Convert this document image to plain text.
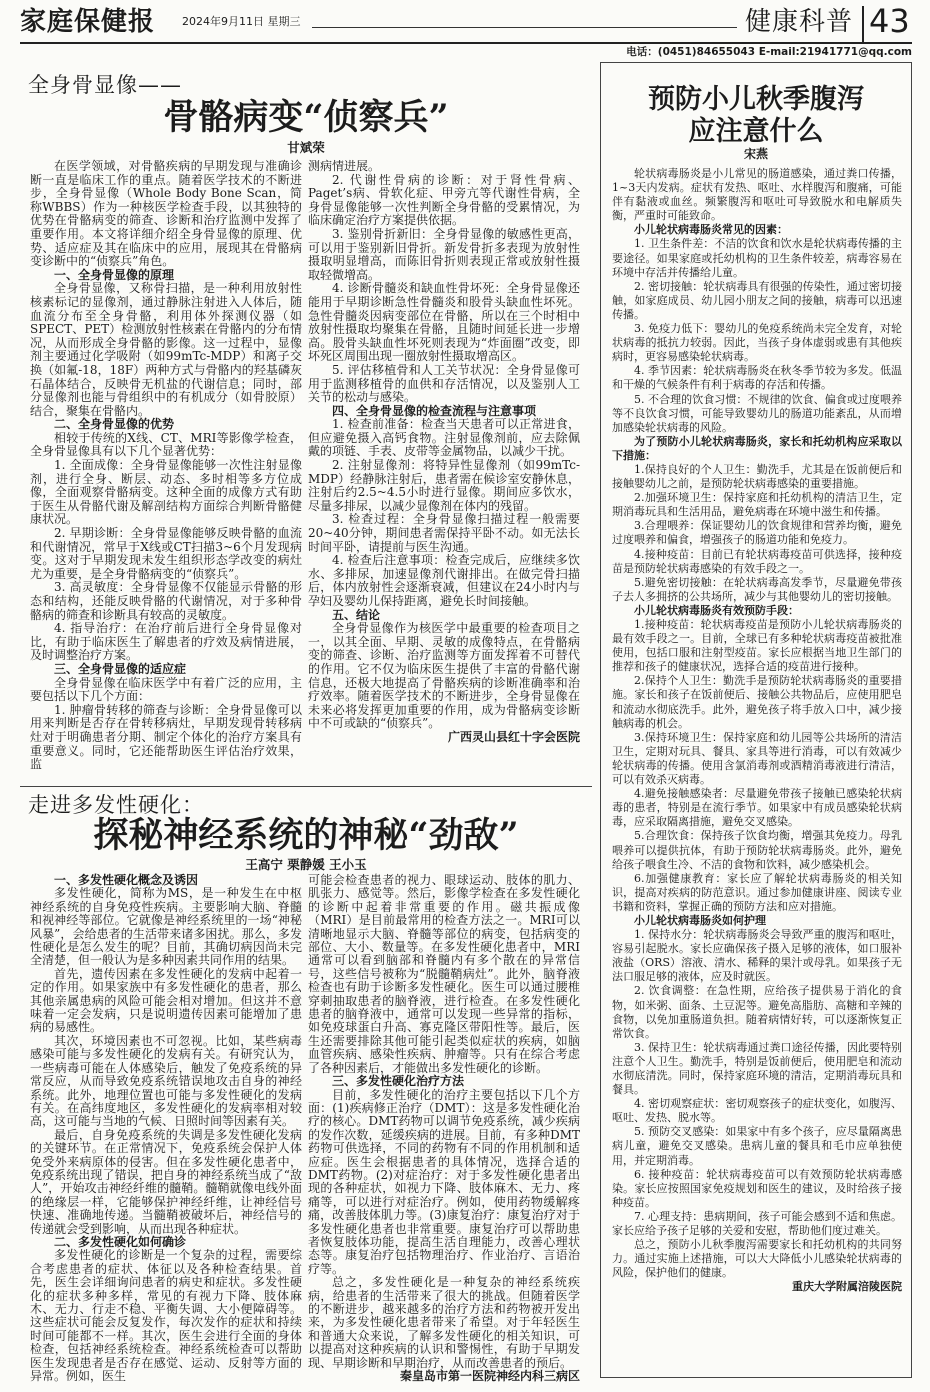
家庭保健报 2024年9月11日 星期三	健康科普 43
电话：(0451)84655043 E-mail:21941771@qq.com
全身骨显像——
骨骼病变“侦察兵”
甘斌荣

在医学领域，对骨骼疾病的早期发现与准确诊断一直是临床工作的重点。随着医学技术的不断进步，全身骨显像（Whole Body Bone Scan，简称WBBS）作为一种核医学检查手段，以其独特的优势在骨骼病变的筛查、诊断和治疗监测中发挥了重要作用。本文将详细介绍全身骨显像的原理、优势、适应症及其在临床中的应用，展现其在骨骼病变诊断中的“侦察兵”角色。

一、全身骨显像的原理

全身骨显像，又称骨扫描，是一种利用放射性核素标记的显像剂，通过静脉注射进入人体后，随血流分布至全身骨骼，利用体外探测仪器（如SPECT、PET）检测放射性核素在骨骼内的分布情况，从而形成全身骨骼的影像。这一过程中，显像剂主要通过化学吸附（如99mTc-MDP）和离子交换（如氟-18，18F）两种方式与骨骼内的羟基磷灰石晶体结合，反映骨无机盐的代谢信息；同时，部分显像剂也能与骨组织中的有机成分（如骨胶原）结合，聚集在骨骼内。

二、全身骨显像的优势

相较于传统的X线、CT、MRI等影像学检查，全身骨显像具有以下几个显著优势：

1. 全面成像：全身骨显像能够一次性注射显像剂，进行全身、断层、动态、多时相等多方位成像，全面观察骨骼病变。这种全面的成像方式有助于医生从骨骼代谢及解剖结构方面综合判断骨骼健康状况。

2. 早期诊断：全身骨显像能够反映骨骼的血流和代谢情况，常早于X线或CT扫描3~6个月发现病变。这对于早期发现未发生组织形态学改变的病灶尤为重要，是全身骨骼病变的“侦察兵”。

3. 高灵敏度：全身骨显像不仅能显示骨骼的形态和结构，还能反映骨骼的代谢情况，对于多种骨骼病的筛查和诊断具有较高的灵敏度。

4. 指导治疗：在治疗前后进行全身骨显像对比，有助于临床医生了解患者的疗效及病情进展，及时调整治疗方案。

三、全身骨显像的适应症

全身骨显像在临床医学中有着广泛的应用，主要包括以下几个方面：

1. 肿瘤骨转移的筛查与诊断：全身骨显像可以用来判断是否存在骨转移病灶，早期发现骨转移病灶对于明确患者分期、制定个体化的治疗方案具有重要意义。同时，它还能帮助医生评估治疗效果，监

测病情进展。

2. 代谢性骨病的诊断：对于肾性骨病、Paget’s病、骨软化症、甲旁亢等代谢性骨病，全身骨显像能够一次性判断全身骨骼的受累情况，为临床确定治疗方案提供依据。

3. 鉴别骨折新旧：全身骨显像的敏感性更高，可以用于鉴别新旧骨折。新发骨折多表现为放射性摄取明显增高，而陈旧骨折则表现正常或放射性摄取轻微增高。

4. 诊断骨髓炎和缺血性骨坏死：全身骨显像还能用于早期诊断急性骨髓炎和股骨头缺血性坏死。急性骨髓炎因病变部位在骨骼，所以在三个时相中放射性摄取均聚集在骨骼，且随时间延长进一步增高。股骨头缺血性坏死则表现为“炸面圈”改变，即坏死区周围出现一圈放射性摄取增高区。

5. 评估移植骨和人工关节状况：全身骨显像可用于监测移植骨的血供和存活情况，以及鉴别人工关节的松动与感染。

四、全身骨显像的检查流程与注意事项

1. 检查前准备：检查当天患者可以正常进食，但应避免摄入高钙食物。注射显像剂前，应去除佩戴的项链、手表、皮带等金属物品，以减少干扰。

2. 注射显像剂：将特异性显像剂（如99mTc-MDP）经静脉注射后，患者需在候诊室安静休息，注射后约2.5~4.5小时进行显像。期间应多饮水，尽量多排尿，以减少显像剂在体内的残留。

3. 检查过程：全身骨显像扫描过程一般需要20~40分钟，期间患者需保持平卧不动。如无法长时间平卧，请提前与医生沟通。

4. 检查后注意事项：检查完成后，应继续多饮水、多排尿，加速显像剂代谢排出。在做完骨扫描后，体内放射性会逐渐衰减，但建议在24小时内与孕妇及婴幼儿保持距离，避免长时间接触。

五、结论

全身骨显像作为核医学中最重要的检查项目之一，以其全面、早期、灵敏的成像特点，在骨骼病变的筛查、诊断、治疗监测等方面发挥着不可替代的作用。它不仅为临床医生提供了丰富的骨骼代谢信息，还极大地提高了骨骼疾病的诊断准确率和治疗效率。随着医学技术的不断进步，全身骨显像在未来必将发挥更加重要的作用，成为骨骼病变诊断中不可或缺的“侦察兵”。

广西灵山县红十字会医院

走进多发性硬化：
探秘神经系统的神秘“劲敌”
王高宁 栗静媛 王小玉

一、多发性硬化概念及诱因

多发性硬化，简称为MS，是一种发生在中枢神经系统的自身免疫性疾病。主要影响大脑、脊髓和视神经等部位。它就像是神经系统里的一场“神秘风暴”，会给患者的生活带来诸多困扰。那么，多发性硬化是怎么发生的呢？目前，其确切病因尚未完全清楚，但一般认为是多种因素共同作用的结果。

首先，遗传因素在多发性硬化的发病中起着一定的作用。如果家族中有多发性硬化的患者，那么其他亲属患病的风险可能会相对增加。但这并不意味着一定会发病，只是说明遗传因素可能增加了患病的易感性。

其次，环境因素也不可忽视。比如，某些病毒感染可能与多发性硬化的发病有关。有研究认为，一些病毒可能在人体感染后，触发了免疫系统的异常反应，从而导致免疫系统错误地攻击自身的神经系统。此外，地理位置也可能与多发性硬化的发病有关。在高纬度地区，多发性硬化的发病率相对较高，这可能与当地的气候、日照时间等因素有关。

最后，自身免疫系统的失调是多发性硬化发病的关键环节。在正常情况下，免疫系统会保护人体免受外来病原体的侵害。但在多发性硬化患者中，免疫系统出现了错误，把自身的神经系统当成了“敌人”，开始攻击神经纤维的髓鞘。髓鞘就像电线外面的绝缘层一样，它能够保护神经纤维，让神经信号快速、准确地传递。当髓鞘被破坏后，神经信号的传递就会受到影响，从而出现各种症状。

二、多发性硬化如何确诊

多发性硬化的诊断是一个复杂的过程，需要综合考虑患者的症状、体征以及各种检查结果。首先，医生会详细询问患者的病史和症状。多发性硬化的症状多种多样，常见的有视力下降、肢体麻木、无力、行走不稳、平衡失调、大小便障碍等。这些症状可能会反复发作，每次发作的症状和持续时间可能都不一样。其次，医生会进行全面的身体检查，包括神经系统检查。神经系统检查可以帮助医生发现患者是否存在感觉、运动、反射等方面的异常。例如，医生

可能会检查患者的视力、眼球运动、肢体的肌力、肌张力、感觉等。然后，影像学检查在多发性硬化的诊断中起着非常重要的作用。磁共振成像（MRI）是目前最常用的检查方法之一。MRI可以清晰地显示大脑、脊髓等部位的病变，包括病变的部位、大小、数量等。在多发性硬化患者中，MRI通常可以看到脑部和脊髓内有多个散在的异常信号，这些信号被称为“脱髓鞘病灶”。此外，脑脊液检查也有助于诊断多发性硬化。医生可以通过腰椎穿刺抽取患者的脑脊液，进行检查。在多发性硬化患者的脑脊液中，通常可以发现一些异常的指标，如免疫球蛋白升高、寡克隆区带阳性等。最后，医生还需要排除其他可能引起类似症状的疾病，如脑血管疾病、感染性疾病、肿瘤等。只有在综合考虑了各种因素后，才能做出多发性硬化的诊断。

三、多发性硬化治疗方法

目前，多发性硬化的治疗主要包括以下几个方面：(1)疾病修正治疗（DMT）：这是多发性硬化治疗的核心。DMT药物可以调节免疫系统，减少疾病的发作次数，延缓疾病的进展。目前，有多种DMT药物可供选择，不同的药物有不同的作用机制和适应症。医生会根据患者的具体情况，选择合适的DMT药物。(2)对症治疗：对于多发性硬化患者出现的各种症状，如视力下降、肢体麻木、无力、疼痛等，可以进行对症治疗。例如，使用药物缓解疼痛，改善肢体肌力等。(3)康复治疗：康复治疗对于多发性硬化患者也非常重要。康复治疗可以帮助患者恢复肢体功能，提高生活自理能力，改善心理状态等。康复治疗包括物理治疗、作业治疗、言语治疗等。

总之，多发性硬化是一种复杂的神经系统疾病，给患者的生活带来了很大的挑战。但随着医学的不断进步，越来越多的治疗方法和药物被开发出来，为多发性硬化患者带来了希望。对于年轻医生和普通大众来说，了解多发性硬化的相关知识，可以提高对这种疾病的认识和警惕性，有助于早期发现、早期诊断和早期治疗，从而改善患者的预后。

秦皇岛市第一医院神经内科三病区

预防小儿秋季腹泻
应注意什么
宋燕

轮状病毒肠炎是小儿常见的肠道感染，通过粪口传播，1~3天内发病。症状有发热、呕吐、水样腹泻和腹痛，可能伴有黏液或血丝。频繁腹泻和呕吐可导致脱水和电解质失衡，严重时可能致命。

小儿轮状病毒肠炎常见的因素：

1. 卫生条件差：不洁的饮食和饮水是轮状病毒传播的主要途径。如果家庭或托幼机构的卫生条件较差，病毒容易在环境中存活并传播给儿童。

2. 密切接触：轮状病毒具有很强的传染性，通过密切接触，如家庭成员、幼儿园小朋友之间的接触，病毒可以迅速传播。

3. 免疫力低下：婴幼儿的免疫系统尚未完全发育，对轮状病毒的抵抗力较弱。因此，当孩子身体虚弱或患有其他疾病时，更容易感染轮状病毒。

4. 季节因素：轮状病毒肠炎在秋冬季节较为多发。低温和干燥的气候条件有利于病毒的存活和传播。

5. 不合理的饮食习惯：不规律的饮食、偏食或过度喂养等不良饮食习惯，可能导致婴幼儿的肠道功能紊乱，从而增加感染轮状病毒的风险。

为了预防小儿轮状病毒肠炎，家长和托幼机构应采取以下措施：

1.保持良好的个人卫生：勤洗手，尤其是在饭前便后和接触婴幼儿之前，是预防轮状病毒感染的重要措施。

2.加强环境卫生：保持家庭和托幼机构的清洁卫生，定期消毒玩具和生活用品，避免病毒在环境中滋生和传播。

3.合理喂养：保证婴幼儿的饮食规律和营养均衡，避免过度喂养和偏食，增强孩子的肠道功能和免疫力。

4.接种疫苗：目前已有轮状病毒疫苗可供选择，接种疫苗是预防轮状病毒感染的有效手段之一。

5.避免密切接触：在轮状病毒高发季节，尽量避免带孩子去人多拥挤的公共场所，减少与其他婴幼儿的密切接触。

小儿轮状病毒肠炎有效预防手段：

1.接种疫苗：轮状病毒疫苗是预防小儿轮状病毒肠炎的最有效手段之一。目前，全球已有多种轮状病毒疫苗被批准使用，包括口服和注射型疫苗。家长应根据当地卫生部门的推荐和孩子的健康状况，选择合适的疫苗进行接种。

2.保持个人卫生：勤洗手是预防轮状病毒肠炎的重要措施。家长和孩子在饭前便后、接触公共物品后，应使用肥皂和流动水彻底洗手。此外，避免孩子将手放入口中，减少接触病毒的机会。

3.保持环境卫生：保持家庭和幼儿园等公共场所的清洁卫生，定期对玩具、餐具、家具等进行消毒，可以有效减少轮状病毒的传播。使用含氯消毒剂或酒精消毒液进行清洁，可以有效杀灭病毒。

4.避免接触感染者：尽量避免带孩子接触已感染轮状病毒的患者，特别是在流行季节。如果家中有成员感染轮状病毒，应采取隔离措施，避免交叉感染。

5.合理饮食：保持孩子饮食均衡，增强其免疫力。母乳喂养可以提供抗体，有助于预防轮状病毒肠炎。此外，避免给孩子喂食生冷、不洁的食物和饮料，减少感染机会。

6.加强健康教育：家长应了解轮状病毒肠炎的相关知识，提高对疾病的防范意识。通过参加健康讲座、阅读专业书籍和资料，掌握正确的预防方法和应对措施。

小儿轮状病毒肠炎如何护理

1. 保持水分：轮状病毒肠炎会导致严重的腹泻和呕吐，容易引起脱水。家长应确保孩子摄入足够的液体，如口服补液盐（ORS）溶液、清水、稀释的果汁或母乳。如果孩子无法口服足够的液体，应及时就医。

2. 饮食调整：在急性期，应给孩子提供易于消化的食物，如米粥、面条、土豆泥等。避免高脂肪、高糖和辛辣的食物，以免加重肠道负担。随着病情好转，可以逐渐恢复正常饮食。

3. 保持卫生：轮状病毒通过粪口途径传播，因此要特别注意个人卫生。勤洗手，特别是饭前便后，使用肥皂和流动水彻底清洗。同时，保持家庭环境的清洁，定期消毒玩具和餐具。

4. 密切观察症状：密切观察孩子的症状变化，如腹泻、呕吐、发热、脱水等。

5. 预防交叉感染：如果家中有多个孩子，应尽量隔离患病儿童，避免交叉感染。患病儿童的餐具和毛巾应单独使用，并定期消毒。

6. 接种疫苗：轮状病毒疫苗可以有效预防轮状病毒感染。家长应按照国家免疫规划和医生的建议，及时给孩子接种疫苗。

7. 心理支持：患病期间，孩子可能会感到不适和焦虑。家长应给予孩子足够的关爱和安慰，帮助他们度过难关。

总之，预防小儿秋季腹泻需要家长和托幼机构的共同努力。通过实施上述措施，可以大大降低小儿感染轮状病毒的风险，保护他们的健康。

重庆大学附属涪陵医院
